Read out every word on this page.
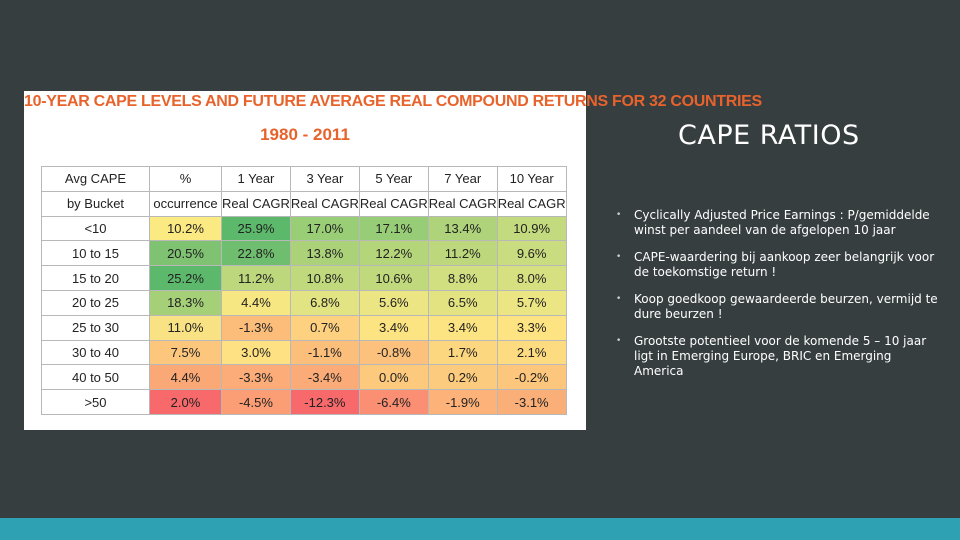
10-YEAR CAPE LEVELS AND FUTURE AVERAGE REAL COMPOUND RETURNS FOR 32 COUNTRIES
1980 - 2011
Avg CAPE	%	1 Year	3 Year	5 Year	7 Year	10 Year
by Bucket	occurrence	Real CAGR	Real CAGR	Real CAGR	Real CAGR	Real CAGR
<10	10.2%	25.9%	17.0%	17.1%	13.4%	10.9%
10 to 15	20.5%	22.8%	13.8%	12.2%	11.2%	9.6%
15 to 20	25.2%	11.2%	10.8%	10.6%	8.8%	8.0%
20 to 25	18.3%	4.4%	6.8%	5.6%	6.5%	5.7%
25 to 30	11.0%	-1.3%	0.7%	3.4%	3.4%	3.3%
30 to 40	7.5%	3.0%	-1.1%	-0.8%	1.7%	2.1%
40 to 50	4.4%	-3.3%	-3.4%	0.0%	0.2%	-0.2%
>50	2.0%	-4.5%	-12.3%	-6.4%	-1.9%	-3.1%
CAPE RATIOS
• Cyclically Adjusted Price Earnings : P/gemiddelde winst per aandeel van de afgelopen 10 jaar
• CAPE-waardering bij aankoop zeer belangrijk voor de toekomstige return !
• Koop goedkoop gewaardeerde beurzen, vermijd te dure beurzen !
• Grootste potentieel voor de komende 5 – 10 jaar ligt in Emerging Europe, BRIC en Emerging America
